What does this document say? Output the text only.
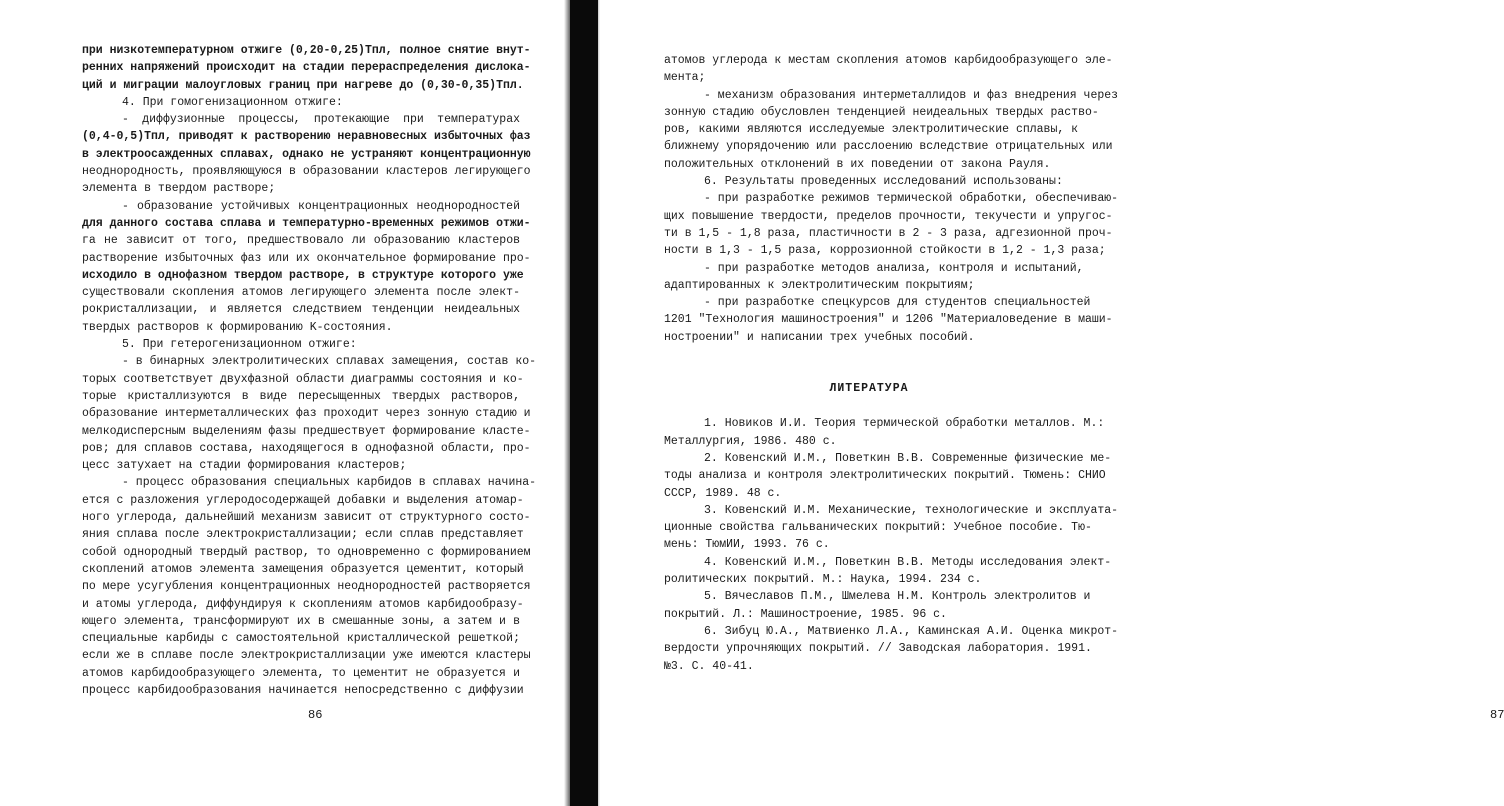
при низкотемпературном отжиге (0,20-0,25)Tпл, полное снятие внут-
ренних напряжений происходит на стадии перераспределения дислока-
ций и миграции малоугловых границ при нагреве до (0,30-0,35)Tпл.
4. При гомогенизационном отжиге:
- диффузионные процессы, протекающие при температурах
(0,4-0,5)Tпл, приводят к растворению неравновесных избыточных фаз
в электроосажденных сплавах, однако не устраняют концентрационную
неоднородность, проявляющуюся в образовании кластеров легирующего
элемента в твердом растворе;
- образование устойчивых концентрационных неоднородностей
для данного состава сплава и температурно-временных режимов отжи-
га не зависит от того, предшествовало ли образованию кластеров
растворение избыточных фаз или их окончательное формирование про-
исходило в однофазном твердом растворе, в структуре которого уже
существовали скопления атомов легирующего элемента после элект-
рокристаллизации, и является следствием тенденции неидеальных
твердых растворов к формированию K-состояния.
5. При гетерогенизационном отжиге:
- в бинарных электролитических сплавах замещения, состав ко-
торых соответствует двухфазной области диаграммы состояния и ко-
торые кристаллизуются в виде пересыщенных твердых растворов,
образование интерметаллических фаз проходит через зонную стадию и
мелкодисперсным выделениям фазы предшествует формирование класте-
ров; для сплавов состава, находящегося в однофазной области, про-
цесс затухает на стадии формирования кластеров;
- процесс образования специальных карбидов в сплавах начина-
ется с разложения углеродосодержащей добавки и выделения атомар-
ного углерода, дальнейший механизм зависит от структурного состо-
яния сплава после электрокристаллизации; если сплав представляет
собой однородный твердый раствор, то одновременно с формированием
скоплений атомов элемента замещения образуется цементит, который
по мере усугубления концентрационных неоднородностей растворяется
и атомы углерода, диффундируя к скоплениям атомов карбидообразу-
ющего элемента, трансформируют их в смешанные зоны, а затем и в
специальные карбиды с самостоятельной кристаллической решеткой;
если же в сплаве после электрокристаллизации уже имеются кластеры
атомов карбидообразующего элемента, то цементит не образуется и
процесс карбидообразования начинается непосредственно с диффузии
86
атомов углерода к местам скопления атомов карбидообразующего эле-
мента;
- механизм образования интерметаллидов и фаз внедрения через
зонную стадию обусловлен тенденцией неидеальных твердых раство-
ров, какими являются исследуемые электролитические сплавы, к
ближнему упорядочению или расслоению вследствие отрицательных или
положительных отклонений в их поведении от закона Рауля.
6. Результаты проведенных исследований использованы:
- при разработке режимов термической обработки, обеспечиваю-
щих повышение твердости, пределов прочности, текучести и упругос-
ти в 1,5 - 1,8 раза, пластичности в 2 - 3 раза, адгезионной проч-
ности в 1,3 - 1,5 раза, коррозионной стойкости в 1,2 - 1,3 раза;
- при разработке методов анализа, контроля и испытаний,
адаптированных к электролитическим покрытиям;
- при разработке спецкурсов для студентов специальностей
1201 "Технология машиностроения" и 1206 "Материаловедение в маши-
ностроении" и написании трех учебных пособий.
ЛИТЕРАТУРА
1. Новиков И.И. Теория термической обработки металлов. М.:
Металлургия, 1986. 480 с.
2. Ковенский И.М., Поветкин В.В. Современные физические ме-
тоды анализа и контроля электролитических покрытий. Тюмень: СНИО
СССР, 1989. 48 с.
3. Ковенский И.М. Механические, технологические и эксплуата-
ционные свойства гальванических покрытий: Учебное пособие. Тю-
мень: ТюмИИ, 1993. 76 с.
4. Ковенский И.М., Поветкин В.В. Методы исследования элект-
ролитических покрытий. М.: Наука, 1994. 234 с.
5. Вячеславов П.М., Шмелева Н.М. Контроль электролитов и
покрытий. Л.: Машиностроение, 1985. 96 с.
6. Зибуц Ю.А., Матвиенко Л.А., Каминская А.И. Оценка микрот-
вердости упрочняющих покрытий. // Заводская лаборатория. 1991.
№3. С. 40-41.
87
